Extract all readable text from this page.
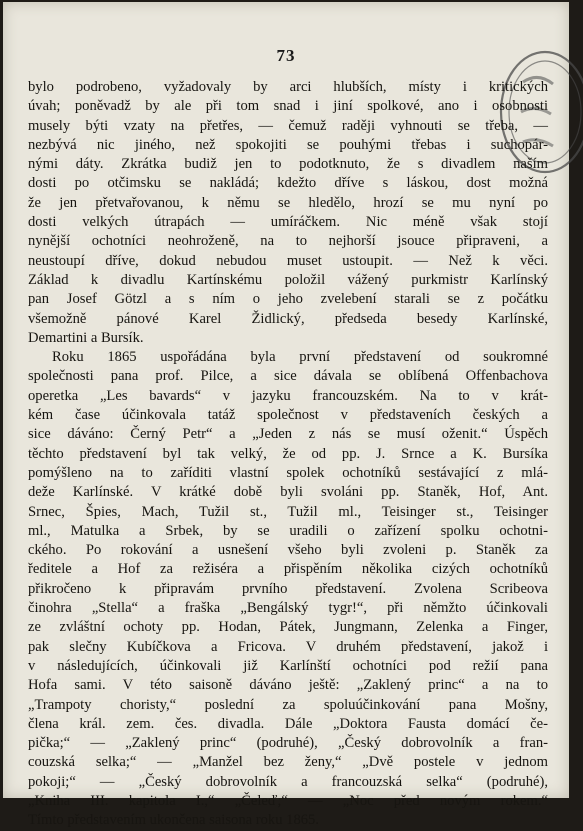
73
bylo podrobeno, vyžadovaly by arci hlubších, místy i kritických
úvah; poněvadž by ale při tom snad i jiní spolkové, ano i osobnosti
musely býti vzaty na přetřes, — čemuž raději vyhnouti se třeba, —
nezbývá nic jiného, než spokojiti se pouhými třebas i suchopár-
nými dáty. Zkrátka budiž jen to podotknuto, že s divadlem naším
dosti po otčimsku se nakládá; kdežto dříve s láskou, dost možná
že jen přetvařovanou, k němu se hledělo, hrozí se mu nyní po
dosti velkých útrapách — umíráčkem. Nic méně však stojí
nynější ochotníci neohroženě, na to nejhorší jsouce připraveni, a
neustoupí dříve, dokud nebudou muset ustoupit. — Než k věci.
Základ k divadlu Kartínskému položil vážený purkmistr Karlínský
pan Josef Götzl a s ním o jeho zvelebení starali se z počátku
všemožně pánové Karel Židlický, předseda besedy Karlínské,
Demartini a Bursík.
Roku 1865 uspořádána byla první představení od soukromné
společnosti pana prof. Pilce, a sice dávala se oblíbená Offenbachova
operetka „Les bavards“ v jazyku francouzském. Na to v krát-
kém čase účinkovala tatáž společnost v představeních českých a
sice dáváno: Černý Petr“ a „Jeden z nás se musí oženit.“ Úspěch
těchto představení byl tak velký, že od pp. J. Srnce a K. Bursíka
pomýšleno na to zaříditi vlastní spolek ochotníků sestávající z mlá-
deže Karlínské. V krátké době byli svoláni pp. Staněk, Hof, Ant.
Srnec, Špies, Mach, Tužil st., Tužil ml., Teisinger st., Teisinger
ml., Matulka a Srbek, by se uradili o zařízení spolku ochotni-
ckého. Po rokování a usnešení všeho byli zvoleni p. Staněk za
ředitele a Hof za režiséra a přispěním několika cizých ochotníků
přikročeno k připravám prvního představení. Zvolena Scribeova
činohra „Stella“ a fraška „Bengálský tygr!“, při němžto účinkovali
ze zvláštní ochoty pp. Hodan, Pátek, Jungmann, Zelenka a Finger,
pak slečny Kubíčkova a Fricova. V druhém představení, jakož i
v následujících, účinkovali již Karlínští ochotníci pod režií pana
Hofa sami. V této saisoně dáváno ještě: „Zaklený princ“ a na to
„Trampoty choristy,“ poslední za spoluúčinkování pana Mošny,
člena král. zem. čes. divadla. Dále „Doktora Fausta domácí če-
pička;“ — „Zaklený princ“ (podruhé), „Český dobrovolník a fran-
couzská selka;“ — „Manžel bez ženy,“ „Dvě postele v jednom
pokoji;“ — „Český dobrovolník a francouzská selka“ (podruhé),
„Kniha III. kapitola I.,“ „Čeleď;“ — „Noc před novým rokem.“
Tímto představením ukončena saisona roku 1865.
